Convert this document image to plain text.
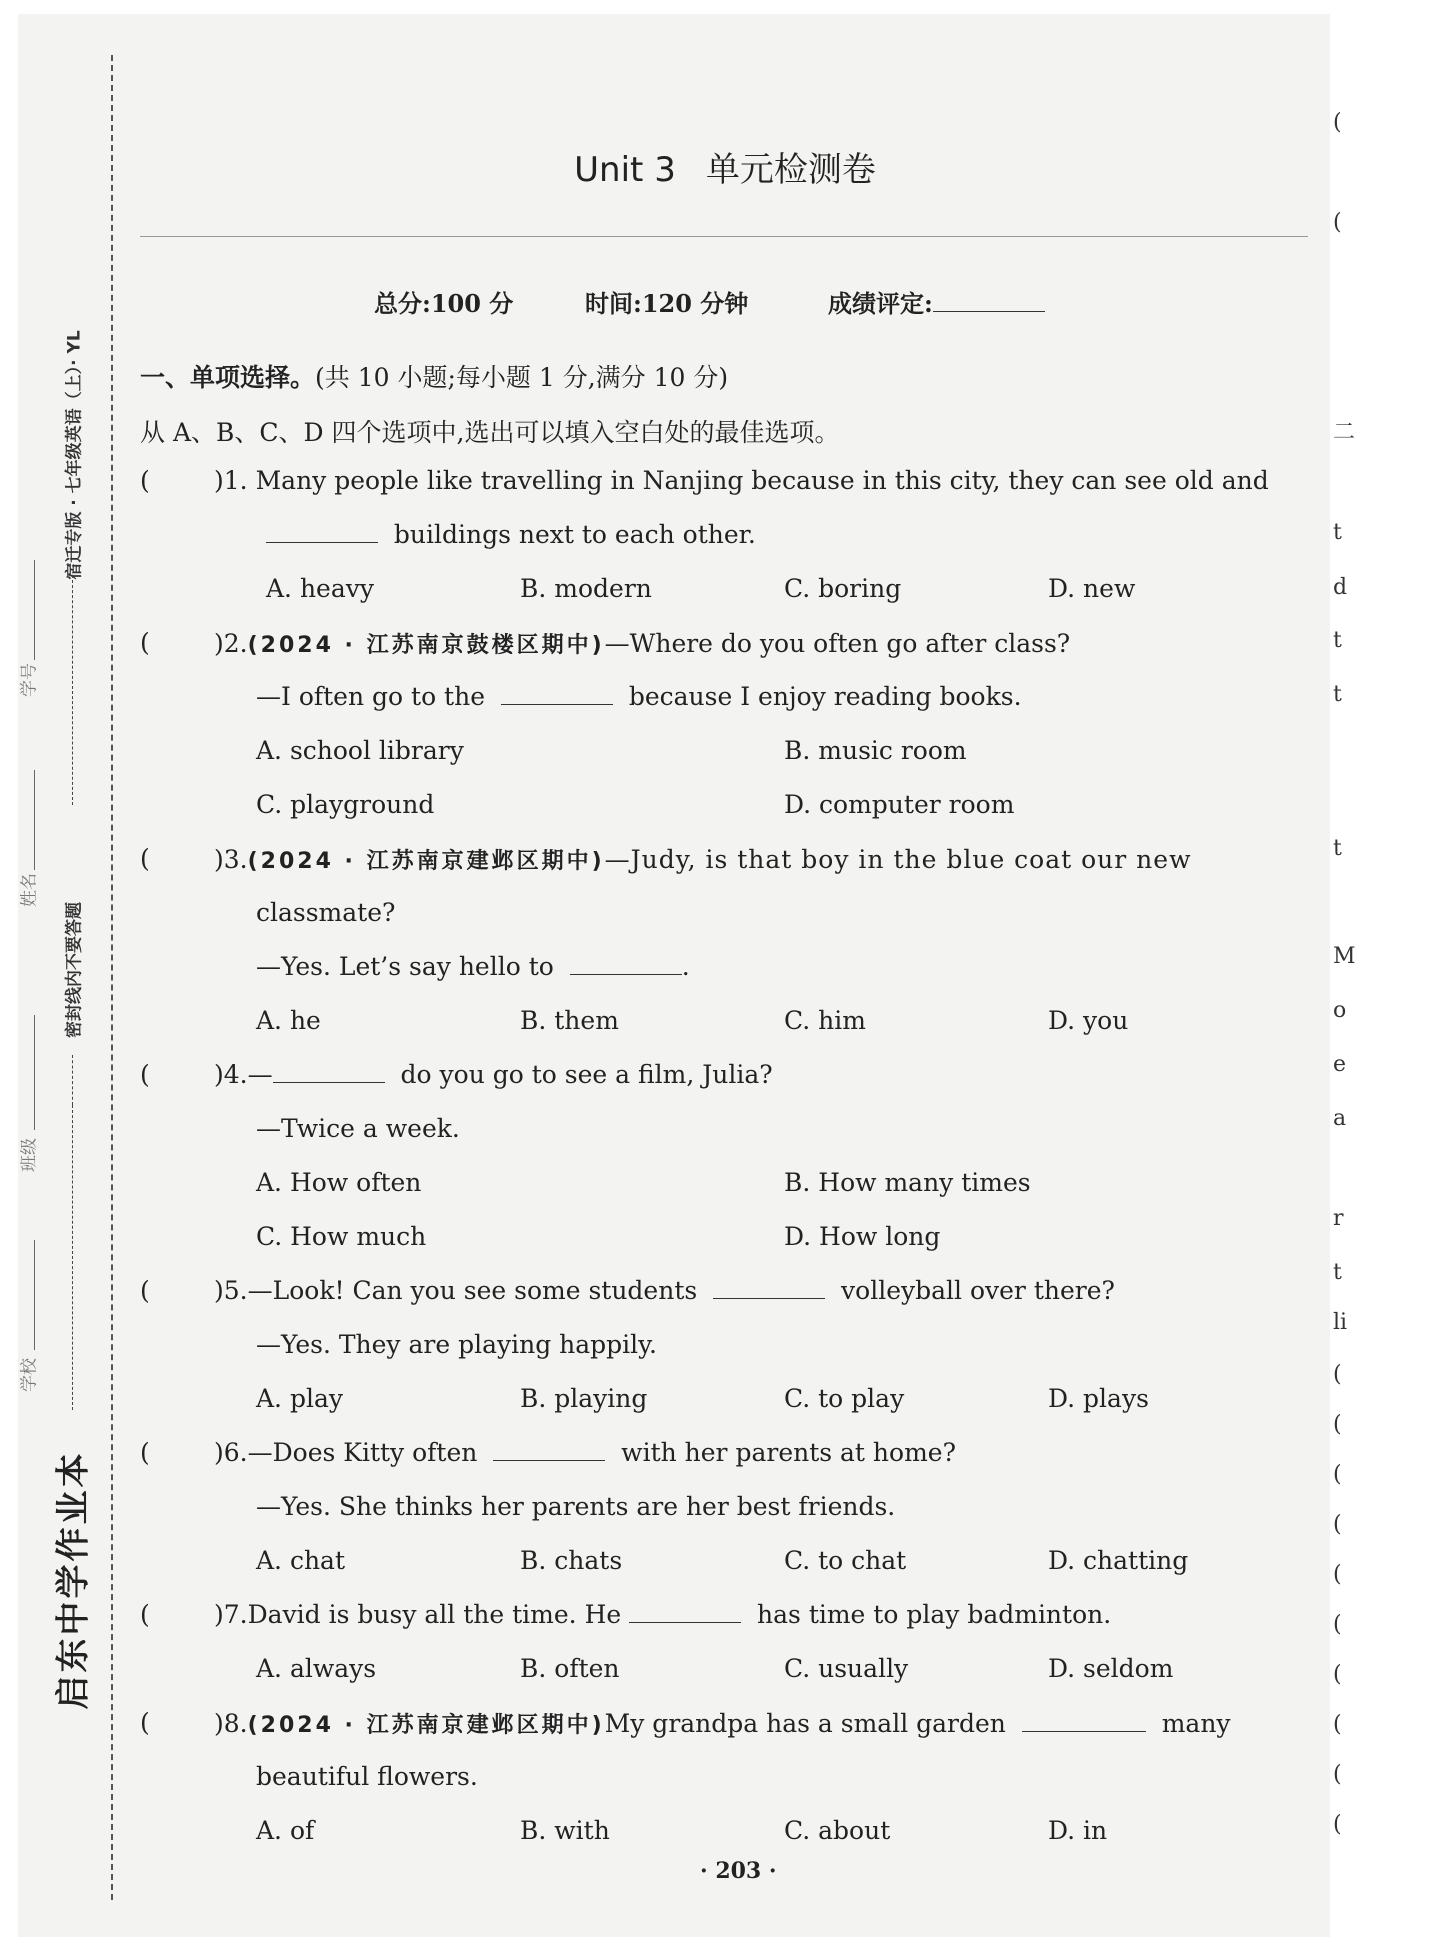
启东中学作业本
密封线内不要答题
宿迁专版 · 七年级英语（上）· YL
学校
班级
姓名
学号
(
(
二
t
d
t
t
t
M
o
e
a
r
t
li
(
(
(
(
(
(
(
(
(
(
Unit 3 单元检测卷
总分:100 分	时间:120 分钟	成绩评定:
一、单项选择。(共 10 小题;每小题 1 分,满分 10 分)
从 A、B、C、D 四个选项中,选出可以填入空白处的最佳选项。
(	)1. Many people like travelling in Nanjing because in this city, they can see old and
buildings next to each other.
A. heavy	B. modern	C. boring	D. new
(	)2.(2024 · 江苏南京鼓楼区期中)—Where do you often go after class?
—I often go to the	because I enjoy reading books.
A. school library	B. music room
C. playground	D. computer room
(	)3.(2024 · 江苏南京建邺区期中)—Judy, is that boy in the blue coat our new
classmate?
—Yes. Let’s say hello to	.
A. he	B. them	C. him	D. you
(	)4.—	do you go to see a film, Julia?
—Twice a week.
A. How often	B. How many times
C. How much	D. How long
(	)5.—Look! Can you see some students	volleyball over there?
—Yes. They are playing happily.
A. play	B. playing	C. to play	D. plays
(	)6.—Does Kitty often	with her parents at home?
—Yes. She thinks her parents are her best friends.
A. chat	B. chats	C. to chat	D. chatting
(	)7.David is busy all the time. He	has time to play badminton.
A. always	B. often	C. usually	D. seldom
(	)8.(2024 · 江苏南京建邺区期中)My grandpa has a small garden	many
beautiful flowers.
A. of	B. with	C. about	D. in
· 203 ·
